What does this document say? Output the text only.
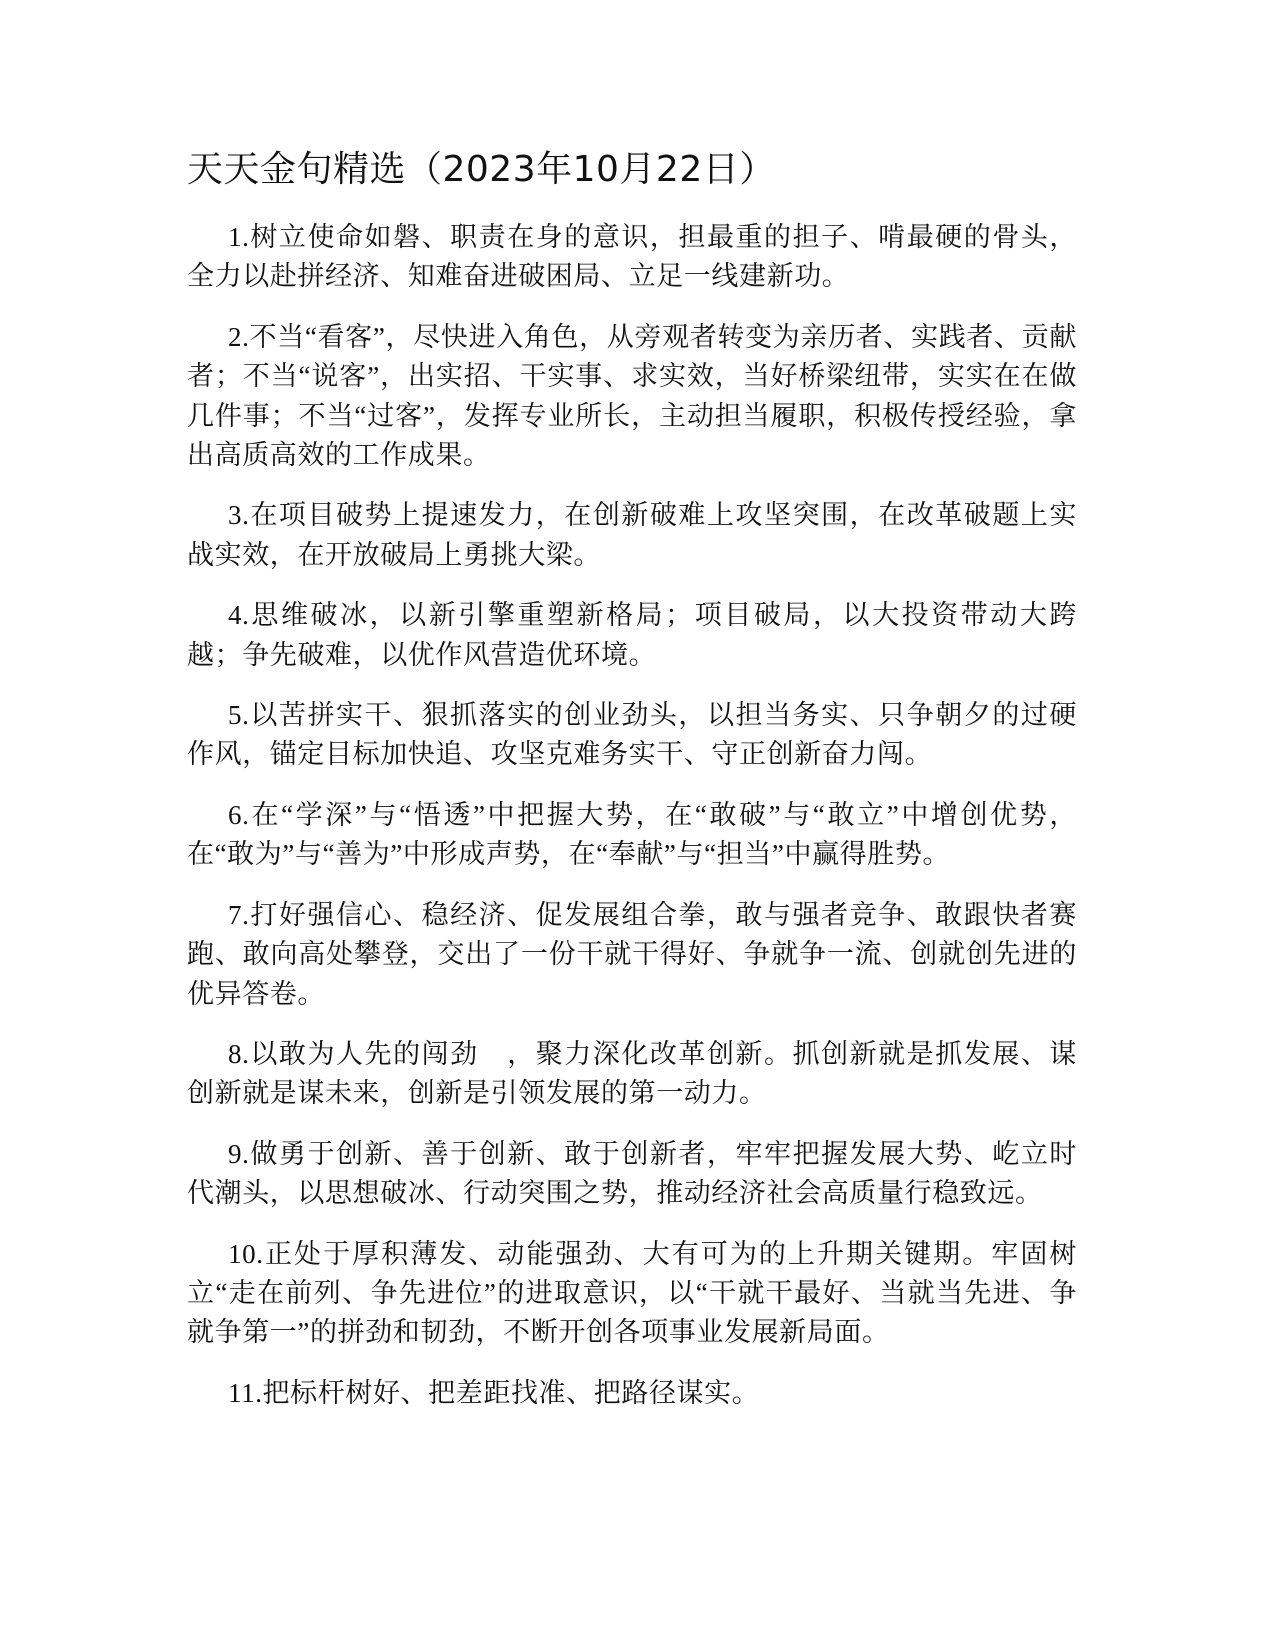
天天金句精选（2023年10月22日）

1.树立使命如磐、职责在身的意识，担最重的担子、啃最硬的骨头，全力以赴拼经济、知难奋进破困局、立足一线建新功。

2.不当“看客”，尽快进入角色，从旁观者转变为亲历者、实践者、贡献者；不当“说客”，出实招、干实事、求实效，当好桥梁纽带，实实在在做几件事；不当“过客”，发挥专业所长，主动担当履职，积极传授经验，拿出高质高效的工作成果。

3.在项目破势上提速发力，在创新破难上攻坚突围，在改革破题上实战实效，在开放破局上勇挑大梁。

4.思维破冰，以新引擎重塑新格局；项目破局，以大投资带动大跨越；争先破难，以优作风营造优环境。

5.以苦拼实干、狠抓落实的创业劲头，以担当务实、只争朝夕的过硬作风，锚定目标加快追、攻坚克难务实干、守正创新奋力闯。

6.在“学深”与“悟透”中把握大势，在“敢破”与“敢立”中增创优势，在“敢为”与“善为”中形成声势，在“奉献”与“担当”中赢得胜势。

7.打好强信心、稳经济、促发展组合拳，敢与强者竞争、敢跟快者赛跑、敢向高处攀登，交出了一份干就干得好、争就争一流、创就创先进的优异答卷。

8.以敢为人先的闯劲　，聚力深化改革创新。抓创新就是抓发展、谋创新就是谋未来，创新是引领发展的第一动力。

9.做勇于创新、善于创新、敢于创新者，牢牢把握发展大势、屹立时代潮头，以思想破冰、行动突围之势，推动经济社会高质量行稳致远。

10.正处于厚积薄发、动能强劲、大有可为的上升期关键期。牢固树立“走在前列、争先进位”的进取意识，以“干就干最好、当就当先进、争就争第一”的拼劲和韧劲，不断开创各项事业发展新局面。

11.把标杆树好、把差距找准、把路径谋实。
